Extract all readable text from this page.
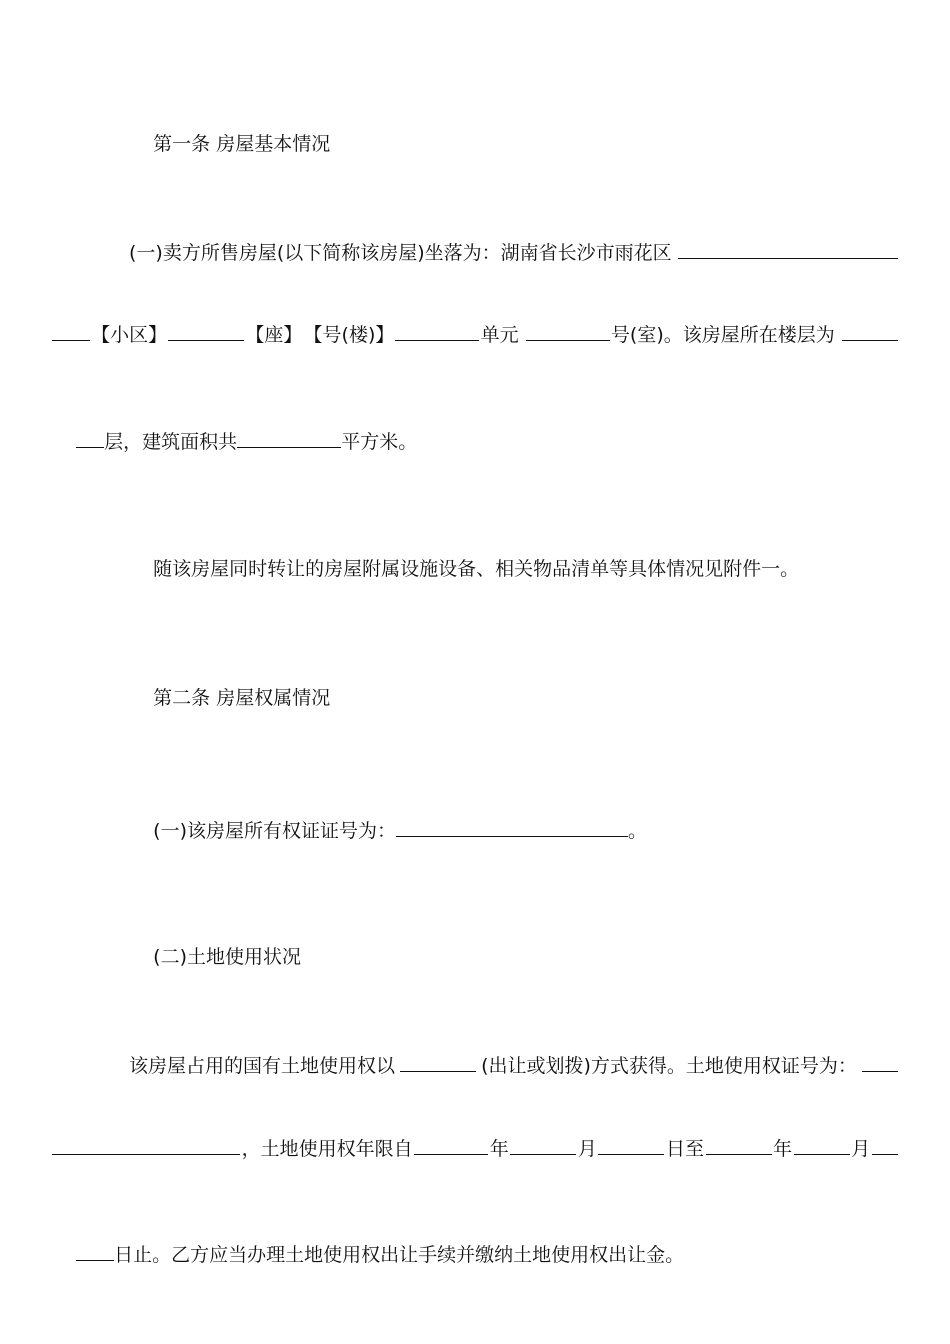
第一条 房屋基本情况

(一)卖方所售房屋(以下简称该房屋)坐落为：湖南省长沙市雨花区
【小区】	【座】 【号(楼)】	单元	号(室)。该房屋所在楼层为

层，建筑面积共	平方米。

随该房屋同时转让的房屋附属设施设备、相关物品清单等具体情况见附件一。

第二条 房屋权属情况

(一)该房屋所有权证证号为：	。

(二)土地使用状况

该房屋占用的国有土地使用权以	(出让或划拨)方式获得。土地使用权证号为：
，土地使用权年限自	年	月	日至	年	月

日止。乙方应当办理土地使用权出让手续并缴纳土地使用权出让金。
